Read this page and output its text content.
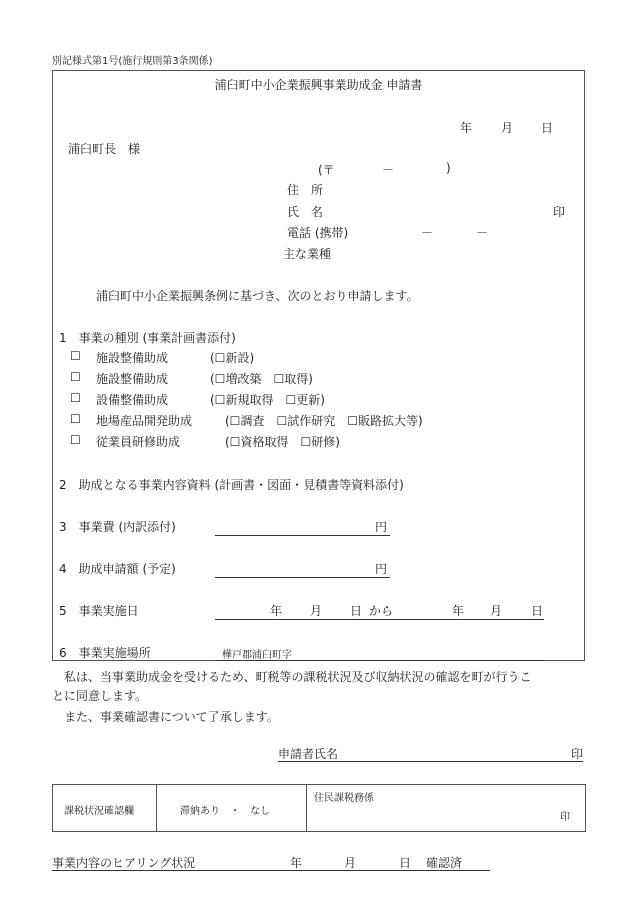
別記様式第1号(施行規則第3条関係)
浦臼町中小企業振興事業助成金 申請書
年 月 日
浦臼町長　様
(〒	－	)
住　所
氏　名	印
電話 (携帯)	－	－
主な業種
浦臼町中小企業振興条例に基づき、次のとおり申請します。
1　事業の種別 (事業計画書添付)
☐ 施設整備助成	(☐新設)
☐ 施設整備助成	(☐増改築　☐取得)
☐ 設備整備助成	(☐新規取得　☐更新)
☐ 地場産品開発助成	(☐調査　☐試作研究　☐販路拡大等)
☐ 従業員研修助成	(☐資格取得　☐研修)
2　助成となる事業内容資料 (計画書・図面・見積書等資料添付)
3　事業費 (内訳添付)	円
4　助成申請額 (予定)	円
5　事業実施日	年 月 日 から	年 月 日
6　事業実施場所	樺戸郡浦臼町字
私は、当事業助成金を受けるため、町税等の課税状況及び収納状況の確認を町が行うこ
とに同意します。
また、事業確認書について了承します。
申請者氏名	印
課税状況確認欄	滞納あり　・　なし
住民課税務係
印
事業内容のヒアリング状況	年	月	日 確認済
